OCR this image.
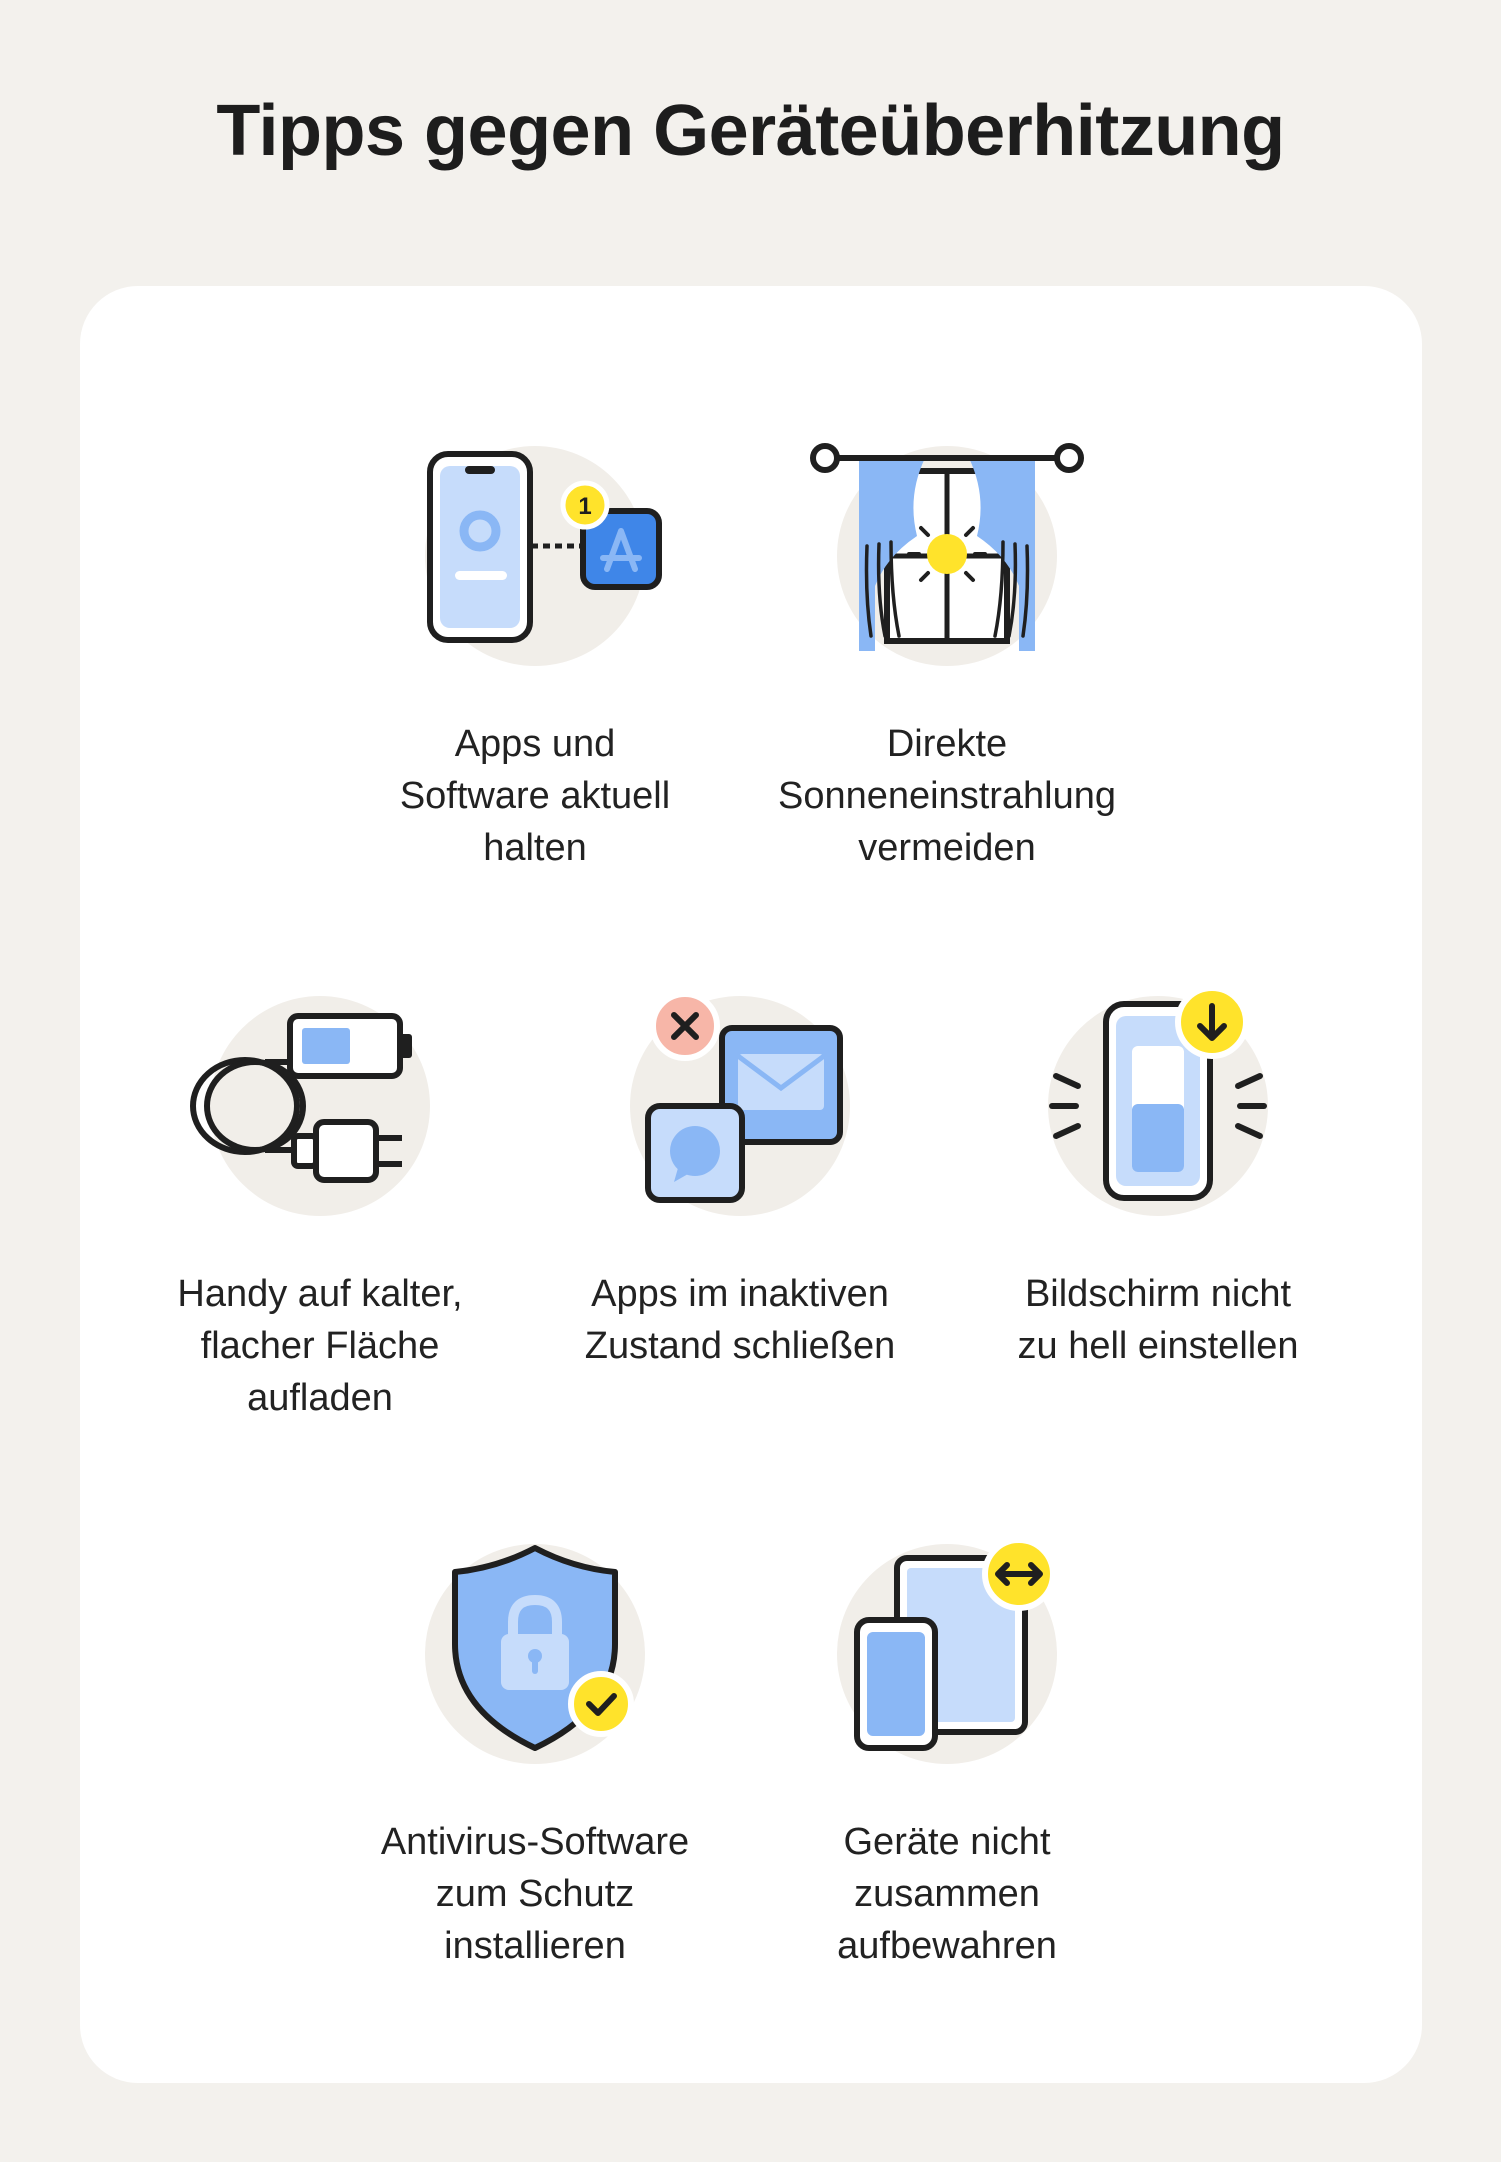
Tipps gegen Geräteüberhitzung
1
Apps und
Software aktuell
halten
Direkte
Sonneneinstrahlung
vermeiden
Handy auf kalter,
flacher Fläche
aufladen
Apps im inaktiven
Zustand schließen
Bildschirm nicht
zu hell einstellen
Antivirus-Software
zum Schutz
installieren
Geräte nicht
zusammen
aufbewahren
